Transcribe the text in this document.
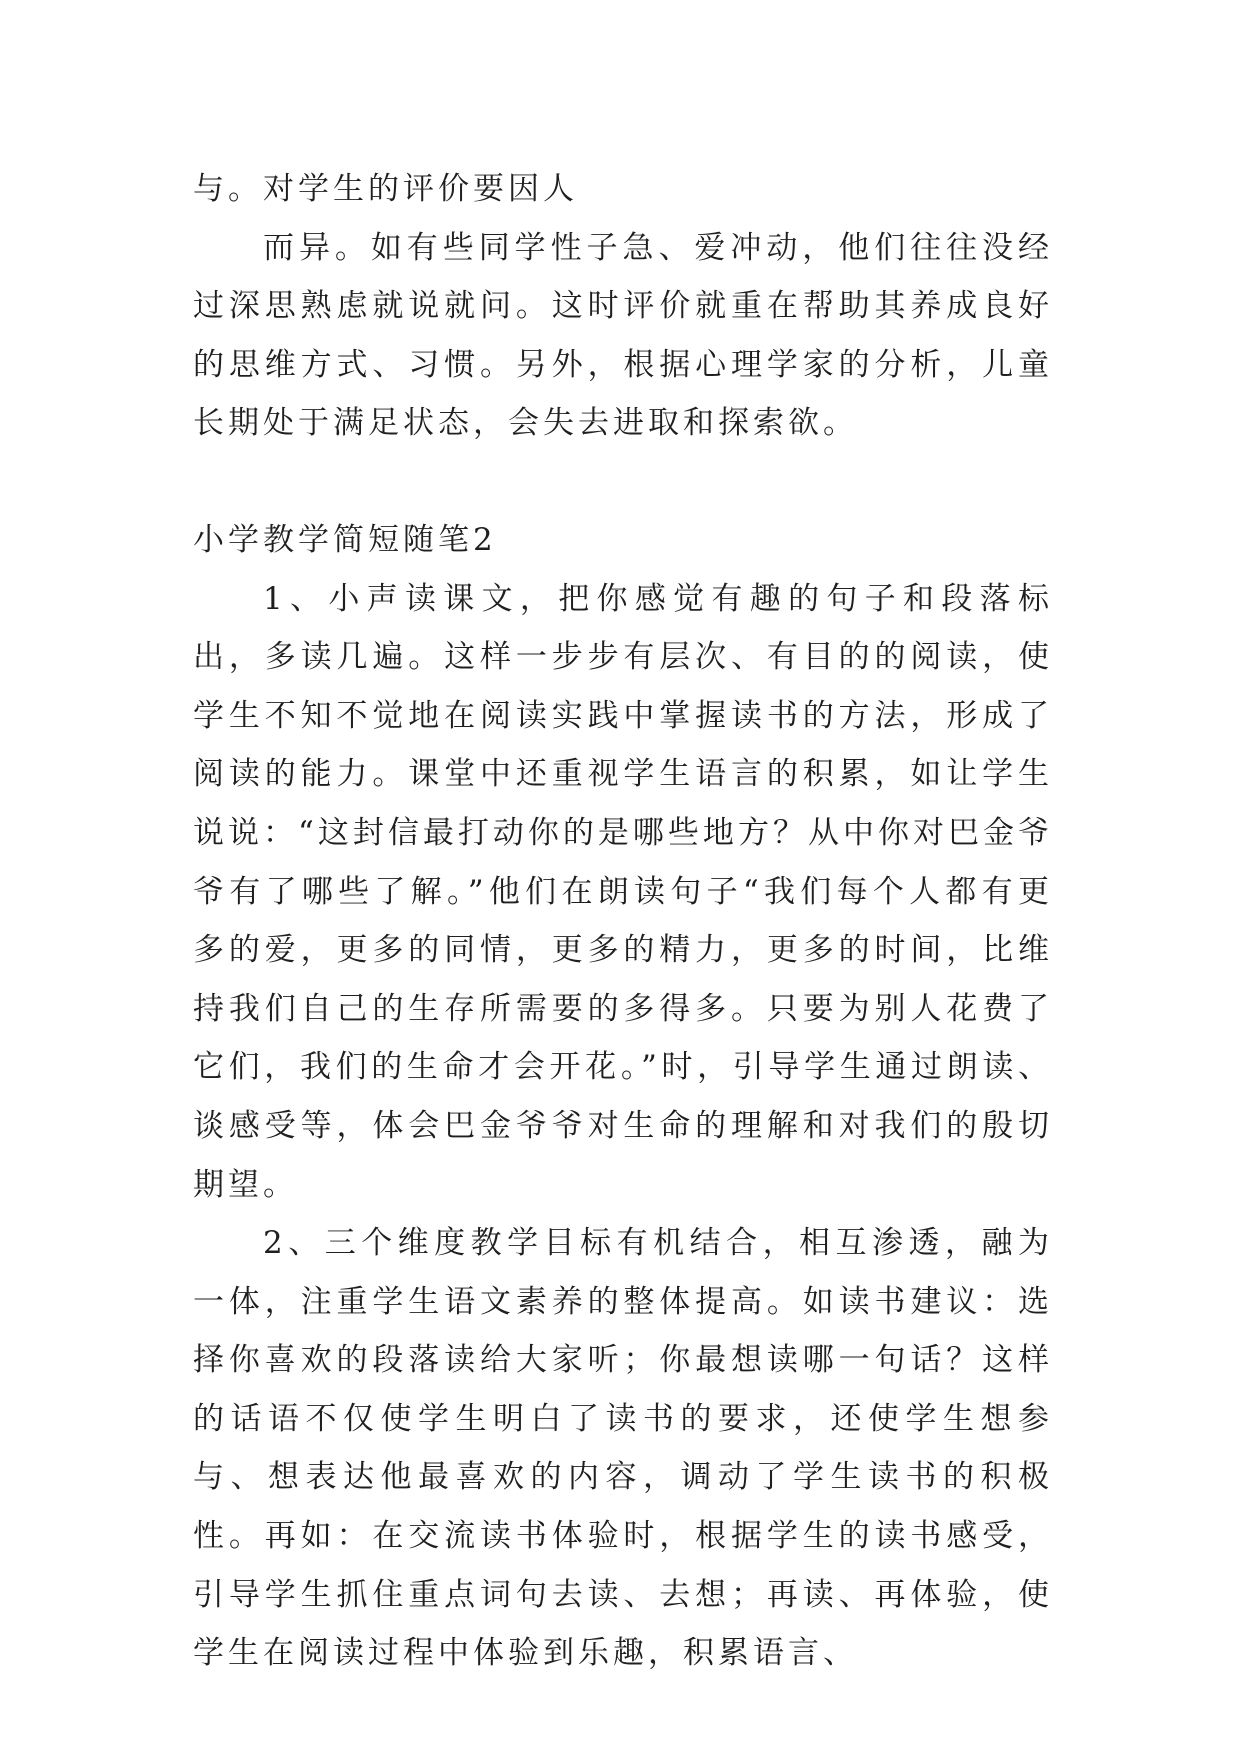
与。对学生的评价要因人

而异。如有些同学性子急、爱冲动，他们往往没经过深思熟虑就说就问。这时评价就重在帮助其养成良好的思维方式、习惯。另外，根据心理学家的分析，儿童长期处于满足状态，会失去进取和探索欲。

小学教学简短随笔2

1、小声读课文，把你感觉有趣的句子和段落标出，多读几遍。这样一步步有层次、有目的的阅读，使学生不知不觉地在阅读实践中掌握读书的方法，形成了阅读的能力。课堂中还重视学生语言的积累，如让学生说说：“这封信最打动你的是哪些地方？从中你对巴金爷爷有了哪些了解。”他们在朗读句子“我们每个人都有更多的爱，更多的同情，更多的精力，更多的时间，比维持我们自己的生存所需要的多得多。只要为别人花费了它们，我们的生命才会开花。”时，引导学生通过朗读、谈感受等，体会巴金爷爷对生命的理解和对我们的殷切期望。

2、三个维度教学目标有机结合，相互渗透，融为一体，注重学生语文素养的整体提高。如读书建议：选择你喜欢的段落读给大家听；你最想读哪一句话？这样的话语不仅使学生明白了读书的要求，还使学生想参与、想表达他最喜欢的内容，调动了学生读书的积极性。再如：在交流读书体验时，根据学生的读书感受，引导学生抓住重点词句去读、去想；再读、再体验，使学生在阅读过程中体验到乐趣，积累语言、
